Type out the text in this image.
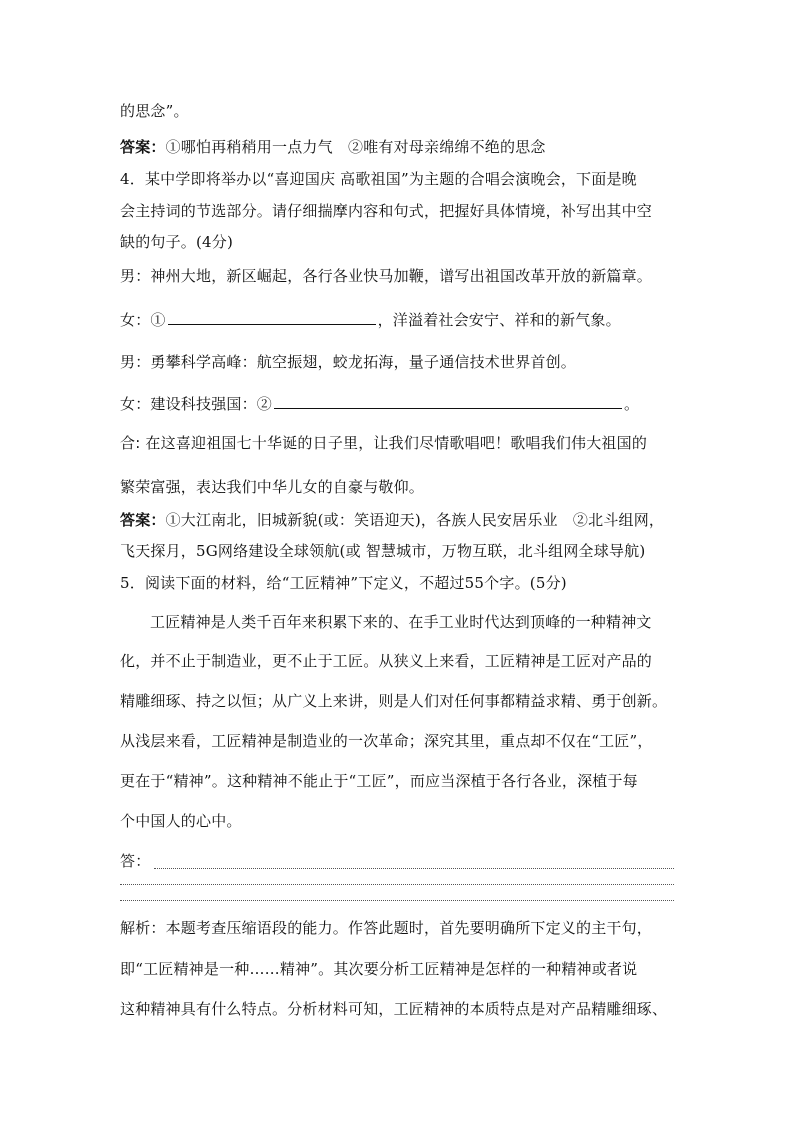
的思念”。
答案：①哪怕再稍稍用一点力气　②唯有对母亲绵绵不绝的思念
4．某中学即将举办以“喜迎国庆 高歌祖国”为主题的合唱会演晚会，下面是晚
会主持词的节选部分。请仔细揣摩内容和句式，把握好具体情境，补写出其中空
缺的句子。(4分)
男：神州大地，新区崛起，各行各业快马加鞭，谱写出祖国改革开放的新篇章。
女：①	，洋溢着社会安宁、祥和的新气象。
男：勇攀科学高峰：航空振翅，蛟龙拓海，量子通信技术世界首创。
女：建设科技强国：②	。
合: 在这喜迎祖国七十华诞的日子里，让我们尽情歌唱吧！歌唱我们伟大祖国的
繁荣富强，表达我们中华儿女的自豪与敬仰。
答案：①大江南北，旧城新貌(或：笑语迎天)，各族人民安居乐业　②北斗组网，
飞天探月，5G网络建设全球领航(或 智慧城市，万物互联，北斗组网全球导航)
5．阅读下面的材料，给“工匠精神”下定义，不超过55个字。(5分)
工匠精神是人类千百年来积累下来的、在手工业时代达到顶峰的一种精神文
化，并不止于制造业，更不止于工匠。从狭义上来看，工匠精神是工匠对产品的
精雕细琢、持之以恒；从广义上来讲，则是人们对任何事都精益求精、勇于创新。
从浅层来看，工匠精神是制造业的一次革命；深究其里，重点却不仅在“工匠”，
更在于“精神”。这种精神不能止于“工匠”，而应当深植于各行各业，深植于每
个中国人的心中。
答：
解析：本题考查压缩语段的能力。作答此题时，首先要明确所下定义的主干句，
即“工匠精神是一种……精神”。其次要分析工匠精神是怎样的一种精神或者说
这种精神具有什么特点。分析材料可知，工匠精神的本质特点是对产品精雕细琢、
